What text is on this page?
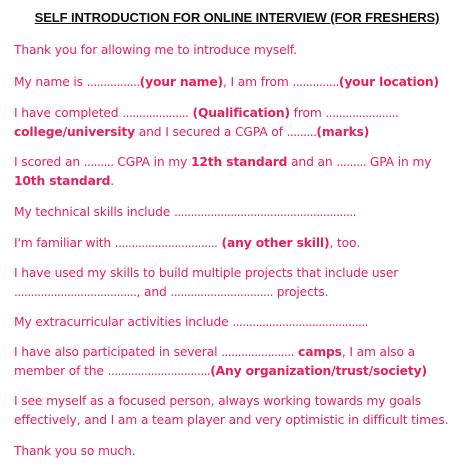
SELF INTRODUCTION FOR ONLINE INTERVIEW (FOR FRESHERS)

Thank you for allowing me to introduce myself.

My name is ................(your name), I am from ..............(your location)

I have completed .................... (Qualification) from ......................
college/university and I secured a CGPA of .........(marks)

I scored an ......... CGPA in my 12th standard and an ......... GPA in my 10th standard.

My technical skills include .......................................................

I'm familiar with ............................... (any other skill), too.

I have used my skills to build multiple projects that include user
....................................., and ............................... projects.

My extracurricular activities include .........................................

I have also participated in several ...................... camps, I am also a member of the ...............................(Any organization/trust/society)

I see myself as a focused person, always working towards my goals effectively, and I am a team player and very optimistic in difficult times.

Thank you so much.
